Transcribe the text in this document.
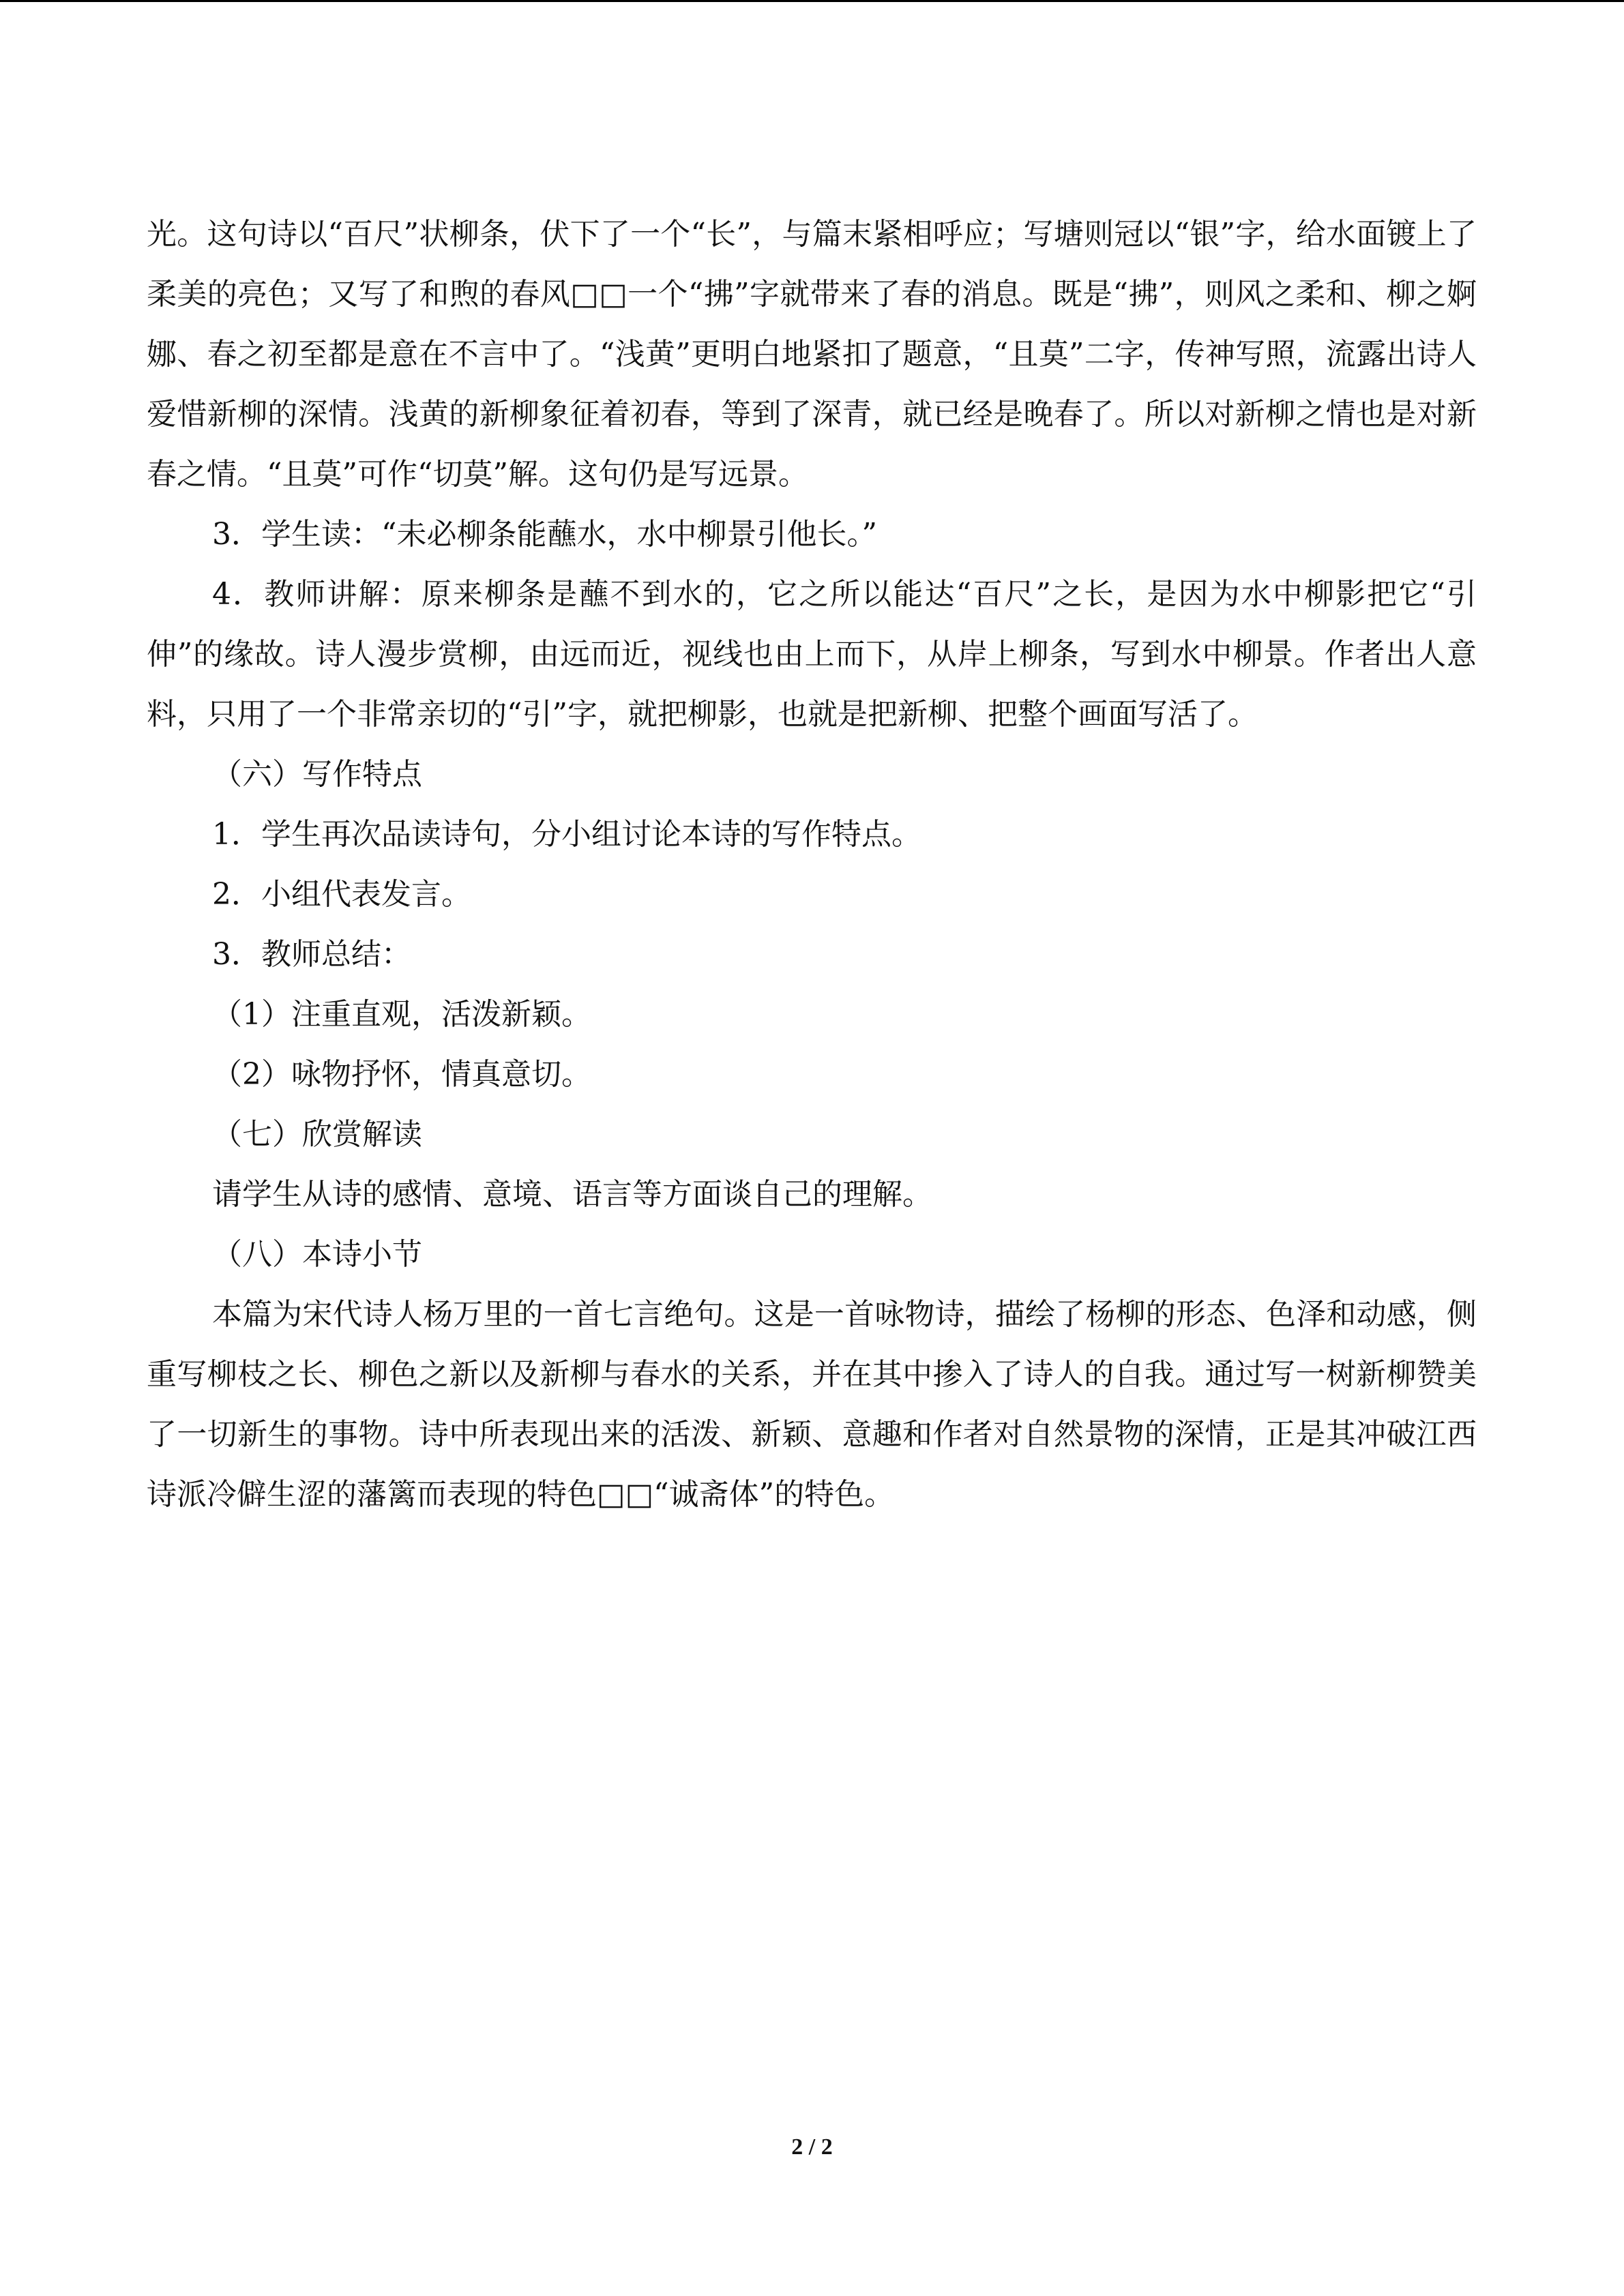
光。这句诗以“百尺”状柳条，伏下了一个“长”，与篇末紧相呼应；写塘则冠以“银”字，给水面镀上了柔美的亮色；又写了和煦的春风□□一个“拂”字就带来了春的消息。既是“拂”，则风之柔和、柳之婀娜、春之初至都是意在不言中了。“浅黄”更明白地紧扣了题意，“且莫”二字，传神写照，流露出诗人爱惜新柳的深情。浅黄的新柳象征着初春，等到了深青，就已经是晚春了。所以对新柳之情也是对新春之情。“且莫”可作“切莫”解。这句仍是写远景。

3．学生读：“未必柳条能蘸水，水中柳景引他长。”

4．教师讲解：原来柳条是蘸不到水的，它之所以能达“百尺”之长，是因为水中柳影把它“引伸”的缘故。诗人漫步赏柳，由远而近，视线也由上而下，从岸上柳条，写到水中柳景。作者出人意料，只用了一个非常亲切的“引”字，就把柳影，也就是把新柳、把整个画面写活了。

（六）写作特点

1．学生再次品读诗句，分小组讨论本诗的写作特点。

2．小组代表发言。

3．教师总结：

（1）注重直观，活泼新颖。

（2）咏物抒怀，情真意切。

（七）欣赏解读

请学生从诗的感情、意境、语言等方面谈自己的理解。

（八）本诗小节

本篇为宋代诗人杨万里的一首七言绝句。这是一首咏物诗，描绘了杨柳的形态、色泽和动感，侧重写柳枝之长、柳色之新以及新柳与春水的关系，并在其中掺入了诗人的自我。通过写一树新柳赞美了一切新生的事物。诗中所表现出来的活泼、新颖、意趣和作者对自然景物的深情，正是其冲破江西诗派冷僻生涩的藩篱而表现的特色□□“诚斋体”的特色。

2 / 2
